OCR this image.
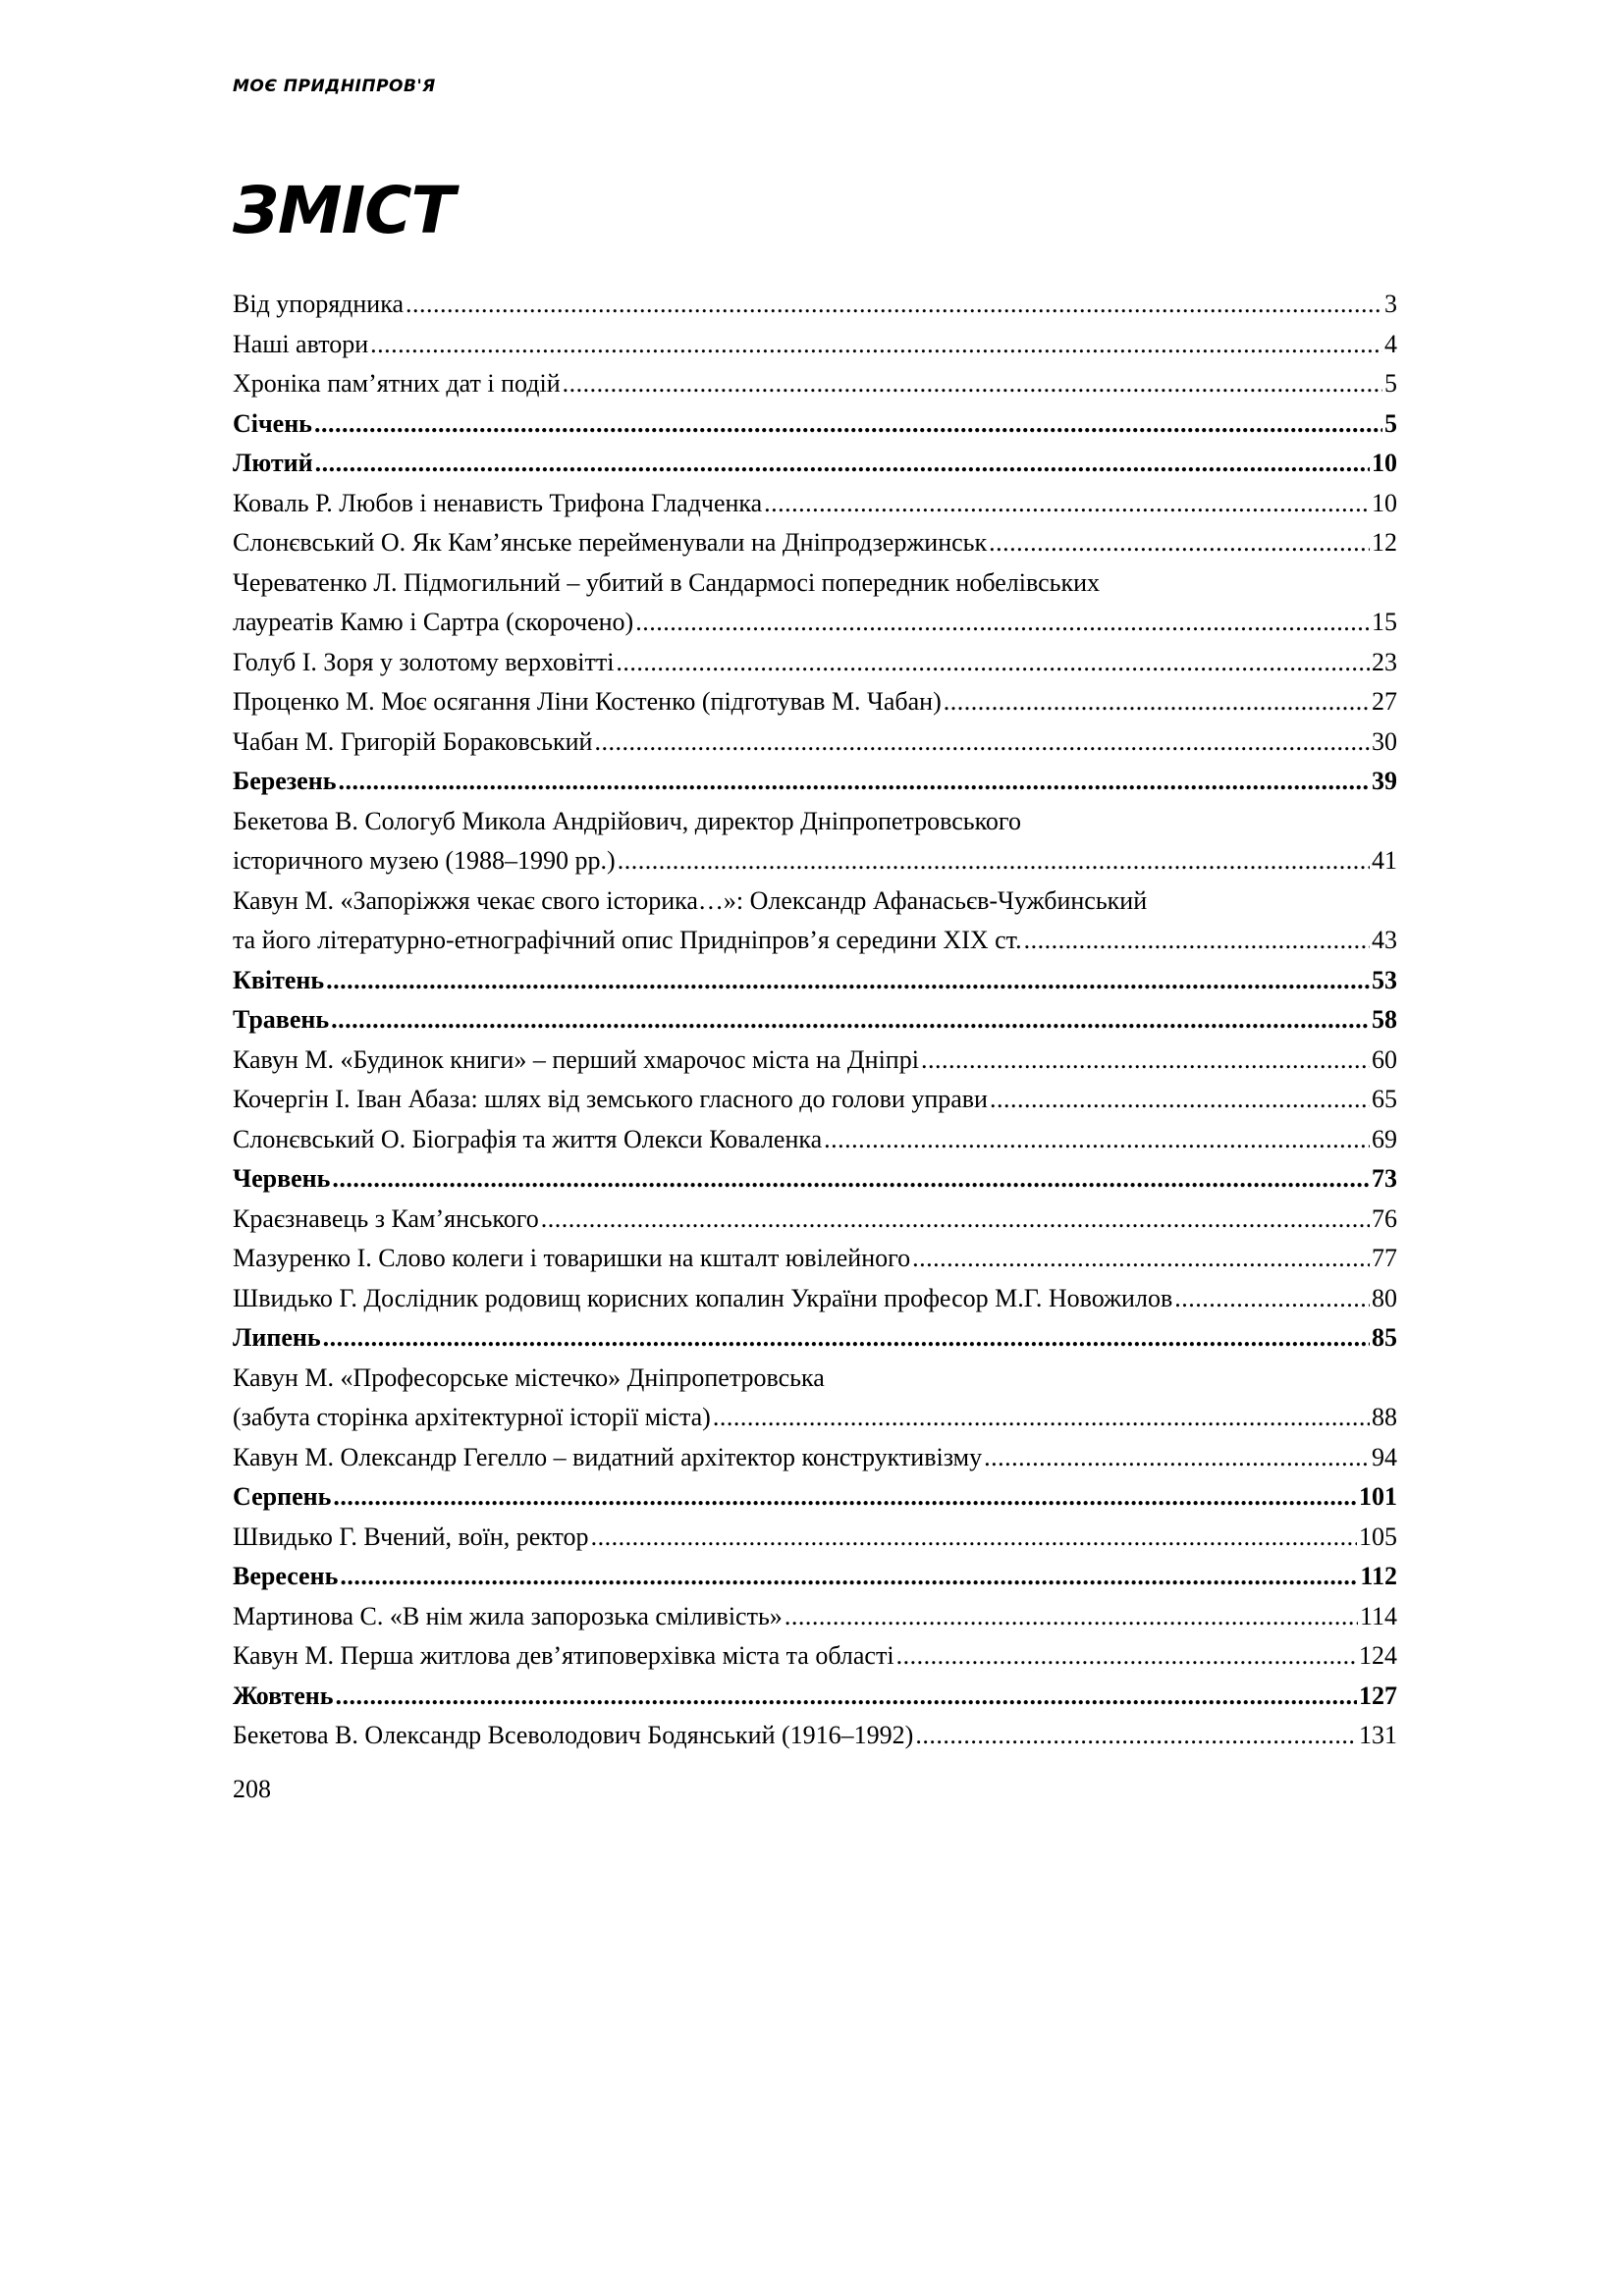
МОЄ ПРИДНІПРОВ'Я
ЗМІСТ
Від упорядника .....	3
Наші автори .....	4
Хроніка пам’ятних дат і подій .....	5
Січень .....	5
Лютий .....	10
Коваль Р. Любов і ненависть Трифона Гладченка .....	10
Слонєвський О. Як Кам’янське перейменували на Дніпродзержинськ .....	12
Череватенко Л. Підмогильний – убитий в Сандармосі попередник нобелівських
лауреатів Камю і Сартра (скорочено) .....	15
Голуб І. Зоря у золотому верховітті .....	23
Проценко М. Моє осягання Ліни Костенко (підготував М. Чабан) .....	27
Чабан М. Григорій Бораковський .....	30
Березень .....	39
Бекетова В. Сологуб Микола Андрійович, директор Дніпропетровського
історичного музею (1988–1990 рр.) .....	41
Кавун М. «Запоріжжя чекає свого історика…»: Олександр Афанасьєв-Чужбинський
та його літературно-етнографічний опис Придніпров’я середини ХІХ ст. .....	43
Квітень .....	53
Травень .....	58
Кавун М. «Будинок книги» – перший хмарочос міста на Дніпрі .....	60
Кочергін І. Іван Абаза: шлях від земського гласного до голови управи .....	65
Слонєвський О. Біографія та життя Олекси Коваленка .....	69
Червень .....	73
Краєзнавець з Кам’янського .....	76
Мазуренко І. Слово колеги і товаришки на кшталт ювілейного .....	77
Швидько Г. Дослідник родовищ корисних копалин України професор М.Г. Новожилов .....	80
Липень .....	85
Кавун М. «Професорське містечко» Дніпропетровська
(забута сторінка архітектурної історії міста) .....	88
Кавун М. Олександр Гегелло – видатний архітектор конструктивізму .....	94
Серпень .....	101
Швидько Г. Вчений, воїн, ректор .....	105
Вересень .....	112
Мартинова С. «В нім жила запорозька сміливість» .....	114
Кавун М. Перша житлова дев’ятиповерхівка міста та області .....	124
Жовтень .....	127
Бекетова В. Олександр Всеволодович Бодянський (1916–1992) .....	131
208
